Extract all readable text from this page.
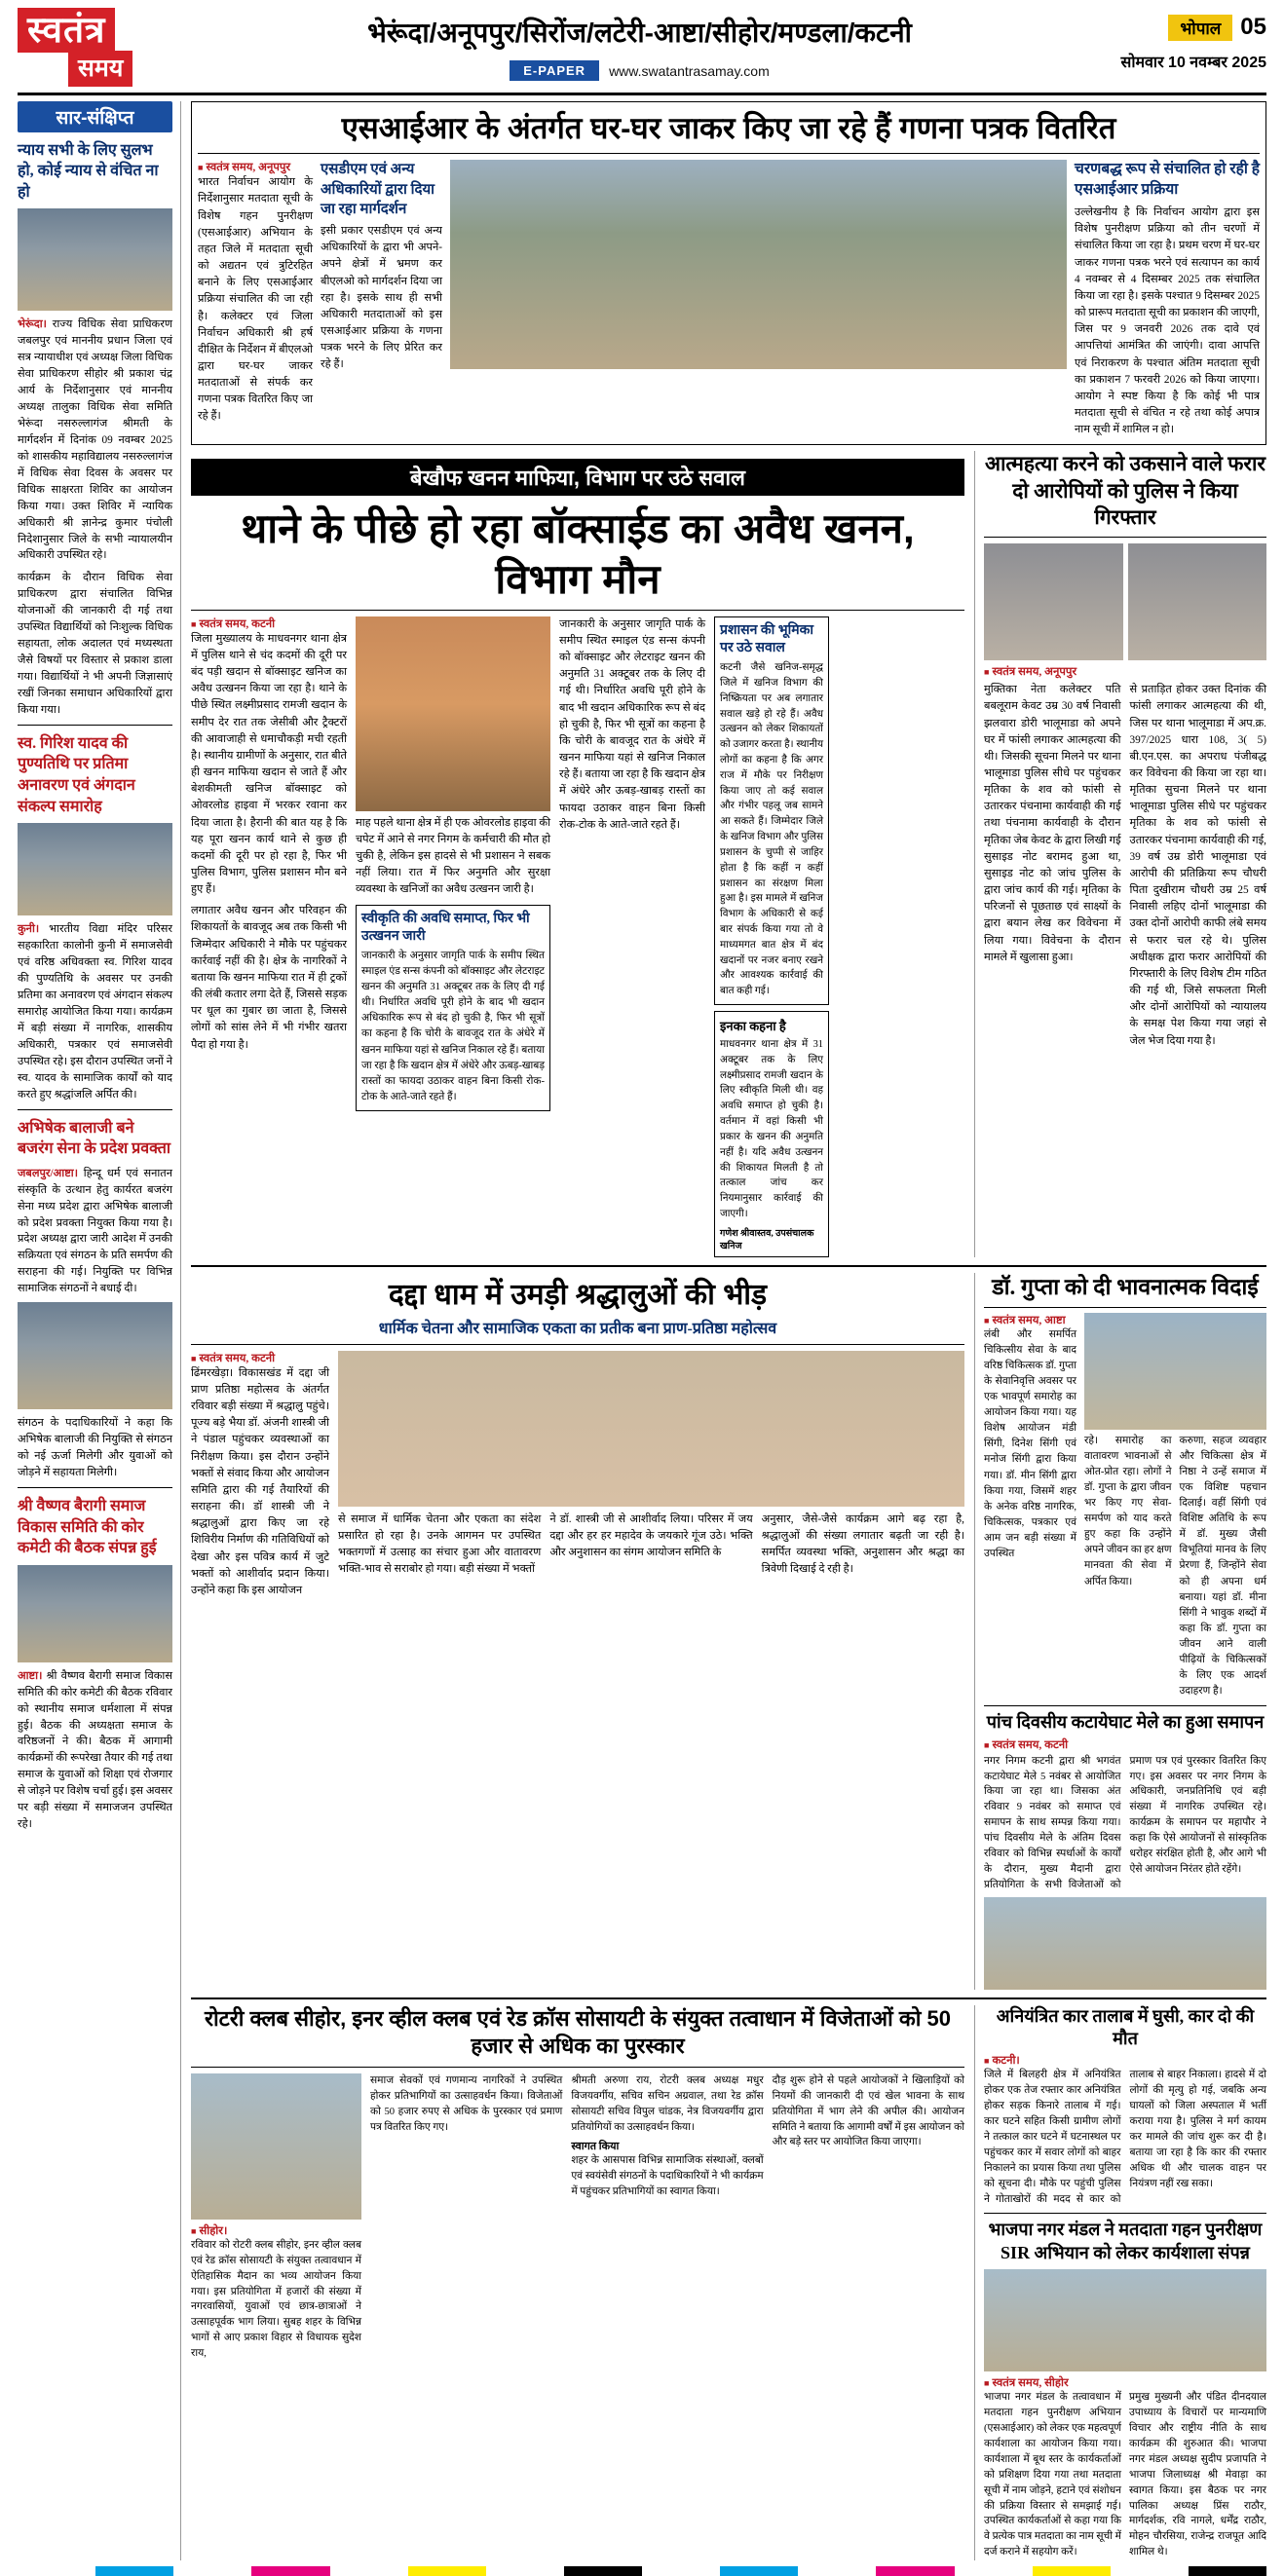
स्वतंत्र
समय
भेरूंदा/अनूपपुर/सिरोंज/लटेरी-आष्टा/सीहोर/मण्डला/कटनी
E-PAPER	www.swatantrasamay.com
भोपाल 05
सोमवार 10 नवम्बर 2025
सार-संक्षिप्त
न्याय सभी के लिए सुलभ हो, कोई न्याय से वंचित ना हो
भेरूंदा। राज्य विधिक सेवा प्राधिकरण जबलपुर एवं माननीय प्रधान जिला एवं सत्र न्यायाधीश एवं अध्यक्ष जिला विधिक सेवा प्राधिकरण सीहोर श्री प्रकाश चंद्र आर्य के निर्देशानुसार एवं माननीय अध्यक्ष तालुका विधिक सेवा समिति भेरूंदा नसरुल्लागंज श्रीमती के मार्गदर्शन में दिनांक 09 नवम्बर 2025 को शासकीय महाविद्यालय नसरुल्लागंज में विधिक सेवा दिवस के अवसर पर विधिक साक्षरता शिविर का आयोजन किया गया। उक्त शिविर में न्यायिक अधिकारी श्री ज्ञानेन्द्र कुमार पंचोली निदेशानुसार जिले के सभी न्यायालयीन अधिकारी उपस्थित रहे।
कार्यक्रम के दौरान विधिक सेवा प्राधिकरण द्वारा संचालित विभिन्न योजनाओं की जानकारी दी गई तथा उपस्थित विद्यार्थियों को निःशुल्क विधिक सहायता, लोक अदालत एवं मध्यस्थता जैसे विषयों पर विस्तार से प्रकाश डाला गया। विद्यार्थियों ने भी अपनी जिज्ञासाएं रखीं जिनका समाधान अधिकारियों द्वारा किया गया।
स्व. गिरिश यादव की पुण्यतिथि पर प्रतिमा अनावरण एवं अंगदान संकल्प समारोह
कुनी। भारतीय विद्या मंदिर परिसर सहकारिता कालोनी कुनी में समाजसेवी एवं वरिष्ठ अधिवक्ता स्व. गिरिश यादव की पुण्यतिथि के अवसर पर उनकी प्रतिमा का अनावरण एवं अंगदान संकल्प समारोह आयोजित किया गया। कार्यक्रम में बड़ी संख्या में नागरिक, शासकीय अधिकारी, पत्रकार एवं समाजसेवी उपस्थित रहे। इस दौरान उपस्थित जनों ने स्व. यादव के सामाजिक कार्यों को याद करते हुए श्रद्धांजलि अर्पित की।
अभिषेक बालाजी बने बजरंग सेना के प्रदेश प्रवक्ता
जबलपुर/आष्टा। हिन्दू धर्म एवं सनातन संस्कृति के उत्थान हेतु कार्यरत बजरंग सेना मध्य प्रदेश द्वारा अभिषेक बालाजी को प्रदेश प्रवक्ता नियुक्त किया गया है। प्रदेश अध्यक्ष द्वारा जारी आदेश में उनकी सक्रियता एवं संगठन के प्रति समर्पण की सराहना की गई। नियुक्ति पर विभिन्न सामाजिक संगठनों ने बधाई दी।
संगठन के पदाधिकारियों ने कहा कि अभिषेक बालाजी की नियुक्ति से संगठन को नई ऊर्जा मिलेगी और युवाओं को जोड़ने में सहायता मिलेगी।
श्री वैष्णव बैरागी समाज विकास समिति की कोर कमेटी की बैठक संपन्न हुई
आष्टा। श्री वैष्णव बैरागी समाज विकास समिति की कोर कमेटी की बैठक रविवार को स्थानीय समाज धर्मशाला में संपन्न हुई। बैठक की अध्यक्षता समाज के वरिष्ठजनों ने की। बैठक में आगामी कार्यक्रमों की रूपरेखा तैयार की गई तथा समाज के युवाओं को शिक्षा एवं रोजगार से जोड़ने पर विशेष चर्चा हुई। इस अवसर पर बड़ी संख्या में समाजजन उपस्थित रहे।
एसआईआर के अंतर्गत घर-घर जाकर किए जा रहे हैं गणना पत्रक वितरित
■ स्वतंत्र समय, अनूपपुर
भारत निर्वाचन आयोग के निर्देशानुसार मतदाता सूची के विशेष गहन पुनरीक्षण (एसआईआर) अभियान के तहत जिले में मतदाता सूची को अद्यतन एवं त्रुटिरहित बनाने के लिए एसआईआर प्रक्रिया संचालित की जा रही है। कलेक्टर एवं जिला निर्वाचन अधिकारी श्री हर्ष दीक्षित के निर्देशन में बीएलओ द्वारा घर-घर जाकर मतदाताओं से संपर्क कर गणना पत्रक वितरित किए जा रहे हैं।
एसडीएम एवं अन्य अधिकारियों द्वारा दिया जा रहा मार्गदर्शन
इसी प्रकार एसडीएम एवं अन्य अधिकारियों के द्वारा भी अपने-अपने क्षेत्रों में भ्रमण कर बीएलओ को मार्गदर्शन दिया जा रहा है। इसके साथ ही सभी अधिकारी मतदाताओं को इस एसआईआर प्रक्रिया के गणना पत्रक भरने के लिए प्रेरित कर रहे हैं।
चरणबद्ध रूप से संचालित हो रही है एसआईआर प्रक्रिया
उल्लेखनीय है कि निर्वाचन आयोग द्वारा इस विशेष पुनरीक्षण प्रक्रिया को तीन चरणों में संचालित किया जा रहा है। प्रथम चरण में घर-घर जाकर गणना पत्रक भरने एवं सत्यापन का कार्य 4 नवम्बर से 4 दिसम्बर 2025 तक संचालित किया जा रहा है। इसके पश्चात 9 दिसम्बर 2025 को प्रारूप मतदाता सूची का प्रकाशन की जाएगी, जिस पर 9 जनवरी 2026 तक दावे एवं आपत्तियां आमंत्रित की जाएंगी। दावा आपत्ति एवं निराकरण के पश्चात अंतिम मतदाता सूची का प्रकाशन 7 फरवरी 2026 को किया जाएगा। आयोग ने स्पष्ट किया है कि कोई भी पात्र मतदाता सूची से वंचित न रहे तथा कोई अपात्र नाम सूची में शामिल न हो।
बेखौफ खनन माफिया, विभाग पर उठे सवाल
थाने के पीछे हो रहा बॉक्साईड का अवैध खनन, विभाग मौन
■ स्वतंत्र समय, कटनी
जिला मुख्यालय के माधवनगर थाना क्षेत्र में पुलिस थाने से चंद कदमों की दूरी पर बंद पड़ी खदान से बॉक्साइट खनिज का अवैध उत्खनन किया जा रहा है। थाने के पीछे स्थित लक्ष्मीप्रसाद रामजी खदान के समीप देर रात तक जेसीबी और ट्रैक्टरों की आवाजाही से धमाचौकड़ी मची रहती है। स्थानीय ग्रामीणों के अनुसार, रात बीते ही खनन माफिया खदान से जाते हैं और बेशकीमती खनिज बॉक्साइट को ओवरलोड हाइवा में भरकर रवाना कर दिया जाता है। हैरानी की बात यह है कि यह पूरा खनन कार्य थाने से कुछ ही कदमों की दूरी पर हो रहा है, फिर भी पुलिस विभाग, पुलिस प्रशासन मौन बने हुए हैं।
लगातार अवैध खनन और परिवहन की शिकायतों के बावजूद अब तक किसी भी जिम्मेदार अधिकारी ने मौके पर पहुंचकर कार्रवाई नहीं की है। क्षेत्र के नागरिकों ने बताया कि खनन माफिया रात में ही ट्रकों की लंबी कतार लगा देते हैं, जिससे सड़क पर धूल का गुबार छा जाता है, जिससे लोगों को सांस लेने में भी गंभीर खतरा पैदा हो गया है।
माह पहले थाना क्षेत्र में ही एक ओवरलोड हाइवा की चपेट में आने से नगर निगम के कर्मचारी की मौत हो चुकी है, लेकिन इस हादसे से भी प्रशासन ने सबक नहीं लिया। रात में फिर अनुमति और सुरक्षा व्यवस्था के खनिजों का अवैध उत्खनन जारी है।
स्वीकृति की अवधि समाप्त, फिर भी उत्खनन जारी
जानकारी के अनुसार जागृति पार्क के समीप स्थित स्माइल एंड सन्स कंपनी को बॉक्साइट और लेटराइट खनन की अनुमति 31 अक्टूबर तक के लिए दी गई थी। निर्धारित अवधि पूरी होने के बाद भी खदान अधिकारिक रूप से बंद हो चुकी है, फिर भी सूत्रों का कहना है कि चोरी के बावजूद रात के अंधेरे में खनन माफिया यहां से खनिज निकाल रहे हैं। बताया जा रहा है कि खदान क्षेत्र में अंधेरे और ऊबड़-खाबड़ रास्तों का फायदा उठाकर वाहन बिना किसी रोक-टोक के आते-जाते रहते हैं।
जानकारी के अनुसार जागृति पार्क के समीप स्थित स्माइल एंड सन्स कंपनी को बॉक्साइट और लेटराइट खनन की अनुमति 31 अक्टूबर तक के लिए दी गई थी। निर्धारित अवधि पूरी होने के बाद भी खदान अधिकारिक रूप से बंद हो चुकी है, फिर भी सूत्रों का कहना है कि चोरी के बावजूद रात के अंधेरे में खनन माफिया यहां से खनिज निकाल रहे हैं। बताया जा रहा है कि खदान क्षेत्र में अंधेरे और ऊबड़-खाबड़ रास्तों का फायदा उठाकर वाहन बिना किसी रोक-टोक के आते-जाते रहते हैं।
प्रशासन की भूमिका पर उठे सवाल
कटनी जैसे खनिज-समृद्ध जिले में खनिज विभाग की निष्क्रियता पर अब लगातार सवाल खड़े हो रहे हैं। अवैध उत्खनन को लेकर शिकायतों को उजागर करता है। स्थानीय लोगों का कहना है कि अगर राज में मौके पर निरीक्षण किया जाए तो कई सवाल और गंभीर पहलू जब सामने आ सकते हैं। जिम्मेदार जिले के खनिज विभाग और पुलिस प्रशासन के चुप्पी से जाहिर होता है कि कहीं न कहीं प्रशासन का संरक्षण मिला हुआ है। इस मामले में खनिज विभाग के अधिकारी से कई बार संपर्क किया गया तो वे माध्यमगत बात क्षेत्र में बंद खदानों पर नजर बनाए रखने और आवश्यक कार्रवाई की बात कही गई।
इनका कहना है
माधवनगर थाना क्षेत्र में 31 अक्टूबर तक के लिए लक्ष्मीप्रसाद रामजी खदान के लिए स्वीकृति मिली थी। वह अवधि समाप्त हो चुकी है। वर्तमान में वहां किसी भी प्रकार के खनन की अनुमति नहीं है। यदि अवैध उत्खनन की शिकायत मिलती है तो तत्काल जांच कर नियमानुसार कार्रवाई की जाएगी।
गणेश श्रीवास्तव, उपसंचालक खनिज
आत्महत्या करने को उकसाने वाले फरार दो आरोपियों को पुलिस ने किया गिरफ्तार
■ स्वतंत्र समय, अनूपपुर
मुक्तिका नेता कलेक्टर पति बबलूराम केवट उम्र 30 वर्ष निवासी झलवारा डोरी भालूमाडा को अपने घर में फांसी लगाकर आत्महत्या की थी। जिसकी सूचना मिलने पर थाना भालूमाडा पुलिस सीधे पर पहुंचकर मृतिका के शव को फांसी से उतारकर पंचनामा कार्यवाही की गई तथा पंचनामा कार्यवाही के दौरान मृतिका जेब केवट के द्वारा लिखी गई सुसाइड नोट बरामद हुआ था, सुसाइड नोट को जांच पुलिस के द्वारा जांच कार्य की गई। मृतिका के परिजनों से पूछताछ एवं साक्ष्यों के द्वारा बयान लेख कर विवेचना में लिया गया। विवेचना के दौरान मामले में खुलासा हुआ।
से प्रताड़ित होकर उक्त दिनांक की फांसी लगाकर आत्महत्या की थी, जिस पर थाना भालूमाडा में अप.क्र. 397/2025 धारा 108, 3( 5) बी.एन.एस. का अपराध पंजीबद्ध कर विवेचना की किया जा रहा था। मृतिका सुचना मिलने पर थाना भालूमाडा पुलिस सीधे पर पहुंचकर मृतिका के शव को फांसी से उतारकर पंचनामा कार्यवाही की गई, 39 वर्ष उम्र डोरी भालूमाडा एवं आरोपी की प्रतिक्रिया रूप चौधरी पिता दुखीराम चौधरी उम्र 25 वर्ष निवासी लहिए दोनों भालूमाडा की उक्त दोनों आरोपी काफी लंबे समय से फरार चल रहे थे। पुलिस अधीक्षक द्वारा फरार आरोपियों की गिरफ्तारी के लिए विशेष टीम गठित की गई थी, जिसे सफलता मिली और दोनों आरोपियों को न्यायालय के समक्ष पेश किया गया जहां से जेल भेज दिया गया है।
दद्दा धाम में उमड़ी श्रद्धालुओं की भीड़
धार्मिक चेतना और सामाजिक एकता का प्रतीक बना प्राण-प्रतिष्ठा महोत्सव
■ स्वतंत्र समय, कटनी
ढिंमरखेड़ा। विकासखंड में दद्दा जी प्राण प्रतिष्ठा महोत्सव के अंतर्गत रविवार बड़ी संख्या में श्रद्धालु पहुंचे। पूज्य बड़े भैया डॉ. अंजनी शास्त्री जी ने पंडाल पहुंचकर व्यवस्थाओं का निरीक्षण किया। इस दौरान उन्होंने भक्तों से संवाद किया और आयोजन समिति द्वारा की गई तैयारियों की सराहना की। डॉ शास्त्री जी ने श्रद्धालुओं द्वारा किए जा रहे शिविरीय निर्माण की गतिविधियों को देखा और इस पवित्र कार्य में जुटे भक्तों को आशीर्वाद प्रदान किया। उन्होंने कहा कि इस आयोजन
से समाज में धार्मिक चेतना और एकता का संदेश प्रसारित हो रहा है। उनके आगमन पर उपस्थित भक्तगणों में उत्साह का संचार हुआ और वातावरण भक्ति-भाव से सराबोर हो गया। बड़ी संख्या में भक्तों
ने डॉ. शास्त्री जी से आशीर्वाद लिया। परिसर में जय दद्दा और हर हर महादेव के जयकारे गूंज उठे। भक्ति और अनुशासन का संगम आयोजन समिति के
अनुसार, जैसे-जैसे कार्यक्रम आगे बढ़ रहा है, श्रद्धालुओं की संख्या लगातार बढ़ती जा रही है। समर्पित व्यवस्था भक्ति, अनुशासन और श्रद्धा का त्रिवेणी दिखाई दे रही है।
डॉ. गुप्ता को दी भावनात्मक विदाई
■ स्वतंत्र समय, आष्टा
लंबी और समर्पित चिकित्सीय सेवा के बाद वरिष्ठ चिकित्सक डॉ. गुप्ता के सेवानिवृत्ति अवसर पर एक भावपूर्ण समारोह का आयोजन किया गया। यह विशेष आयोजन मंडी सिंगी, दिनेश सिंगी एवं मनोज सिंगी द्वारा किया गया। डॉ. मीन सिंगी द्वारा किया गया, जिसमें शहर के अनेक वरिष्ठ नागरिक, चिकित्सक, पत्रकार एवं आम जन बड़ी संख्या में उपस्थित
रहे। समारोह का वातावरण भावनाओं से ओत-प्रोत रहा। लोगों ने डॉ. गुप्ता के द्वारा जीवन भर किए गए सेवा-समर्पण को याद करते हुए कहा कि उन्होंने अपने जीवन का हर क्षण मानवता की सेवा में अर्पित किया।
करुणा, सहज व्यवहार और चिकित्सा क्षेत्र में निष्ठा ने उन्हें समाज में एक विशिष्ट पहचान दिलाई। वहीं सिंगी एवं विशिष्ट अतिथि के रूप में डॉ. मुख्य जैसी विभूतियां मानव के लिए प्रेरणा हैं, जिन्होंने सेवा को ही अपना धर्म बनाया। यहां डॉ. मीना सिंगी ने भावुक शब्दों में कहा कि डॉ. गुप्ता का जीवन आने वाली पीढ़ियों के चिकित्सकों के लिए एक आदर्श उदाहरण है।
पांच दिवसीय कटायेघाट मेले का हुआ समापन
■ स्वतंत्र समय, कटनी
नगर निगम कटनी द्वारा श्री भगवंत कटायेघाट मेले 5 नवंबर से आयोजित किया जा रहा था। जिसका अंत रविवार 9 नवंबर को समाप्त एवं समापन के साथ सम्पन्न किया गया। पांच दिवसीय मेले के अंतिम दिवस रविवार को विभिन्न स्पर्धाओं के कार्यों के दौरान, मुख्य मैदानी द्वारा प्रतियोगिता के सभी विजेताओं को प्रमाण पत्र एवं पुरस्कार वितरित किए गए। इस अवसर पर नगर निगम के अधिकारी, जनप्रतिनिधि एवं बड़ी संख्या में नागरिक उपस्थित रहे। कार्यक्रम के समापन पर महापौर ने कहा कि ऐसे आयोजनों से सांस्कृतिक धरोहर संरक्षित होती है, और आगे भी ऐसे आयोजन निरंतर होते रहेंगे।
रोटरी क्लब सीहोर, इनर व्हील क्लब एवं रेड क्रॉस सोसायटी के संयुक्त तत्वाधान में विजेताओं को 50 हजार से अधिक का पुरस्कार
■ सीहोर।
रविवार को रोटरी क्लब सीहोर, इनर व्हील क्लब एवं रेड क्रॉस सोसायटी के संयुक्त तत्वावधान में ऐतिहासिक मैदान का भव्य आयोजन किया गया। इस प्रतियोगिता में हजारों की संख्या में नगरवासियों, युवाओं एवं छात्र-छात्राओं ने उत्साहपूर्वक भाग लिया। सुबह शहर के विभिन्न भागों से आए प्रकाश विहार से विधायक सुदेश राय,
समाज सेवकों एवं गणमान्य नागरिकों ने उपस्थित होकर प्रतिभागियों का उत्साहवर्धन किया। विजेताओं को 50 हजार रुपए से अधिक के पुरस्कार एवं प्रमाण पत्र वितरित किए गए।
श्रीमती अरुणा राय, रोटरी क्लब अध्यक्ष मधुर विजयवर्गीय, सचिव सचिन अग्रवाल, तथा रेड क्रॉस सोसायटी सचिव विपुल चांडक, नेत्र विजयवर्गीय द्वारा प्रतियोगियों का उत्साहवर्धन किया।
स्वागत किया
शहर के आसपास विभिन्न सामाजिक संस्थाओं, क्लबों एवं स्वयंसेवी संगठनों के पदाधिकारियों ने भी कार्यक्रम में पहुंचकर प्रतिभागियों का स्वागत किया।
दौड़ शुरू होने से पहले आयोजकों ने खिलाड़ियों को नियमों की जानकारी दी एवं खेल भावना के साथ प्रतियोगिता में भाग लेने की अपील की। आयोजन समिति ने बताया कि आगामी वर्षों में इस आयोजन को और बड़े स्तर पर आयोजित किया जाएगा।
अनियंत्रित कार तालाब में घुसी, कार दो की मौत
■ कटनी।
जिले में बिलहरी क्षेत्र में अनियंत्रित होकर एक तेज रफ्तार कार अनियंत्रित होकर सड़क किनारे तालाब में गई। कार घटने सहित किसी ग्रामीण लोगों ने तत्काल कार घटने में घटनास्थल पर पहुंचकर कार में सवार लोगों को बाहर निकालने का प्रयास किया तथा पुलिस को सूचना दी। मौके पर पहुंची पुलिस ने गोताखोरों की मदद से कार को तालाब से बाहर निकाला। हादसे में दो लोगों की मृत्यु हो गई, जबकि अन्य घायलों को जिला अस्पताल में भर्ती कराया गया है। पुलिस ने मर्ग कायम कर मामले की जांच शुरू कर दी है। बताया जा रहा है कि कार की रफ्तार अधिक थी और चालक वाहन पर नियंत्रण नहीं रख सका।
भाजपा नगर मंडल ने मतदाता गहन पुनरीक्षण SIR अभियान को लेकर कार्यशाला संपन्न
■ स्वतंत्र समय, सीहोर
भाजपा नगर मंडल के तत्वावधान में मतदाता गहन पुनरीक्षण अभियान (एसआईआर) को लेकर एक महत्वपूर्ण कार्यशाला का आयोजन किया गया। कार्यशाला में बूथ स्तर के कार्यकर्ताओं को प्रशिक्षण दिया गया तथा मतदाता सूची में नाम जोड़ने, हटाने एवं संशोधन की प्रक्रिया विस्तार से समझाई गई। उपस्थित कार्यकर्ताओं से कहा गया कि वे प्रत्येक पात्र मतदाता का नाम सूची में दर्ज कराने में सहयोग करें।
प्रमुख मुख्यनी और पंडित दीनदयाल उपाध्याय के विचारों पर मान्यमाणि विचार और राष्ट्रीय नीति के साथ कार्यक्रम की शुरुआत की। भाजपा नगर मंडल अध्यक्ष सुदीप प्रजापति ने भाजपा जिलाध्यक्ष श्री मेवाड़ा का स्वागत किया। इस बैठक पर नगर पालिका अध्यक्ष प्रिंस राठौर, मार्गदर्शक, रवि नागले, धर्मेंद्र राठौर, मोहन चौरसिया, राजेन्द्र राजपूत आदि शामिल थे।
